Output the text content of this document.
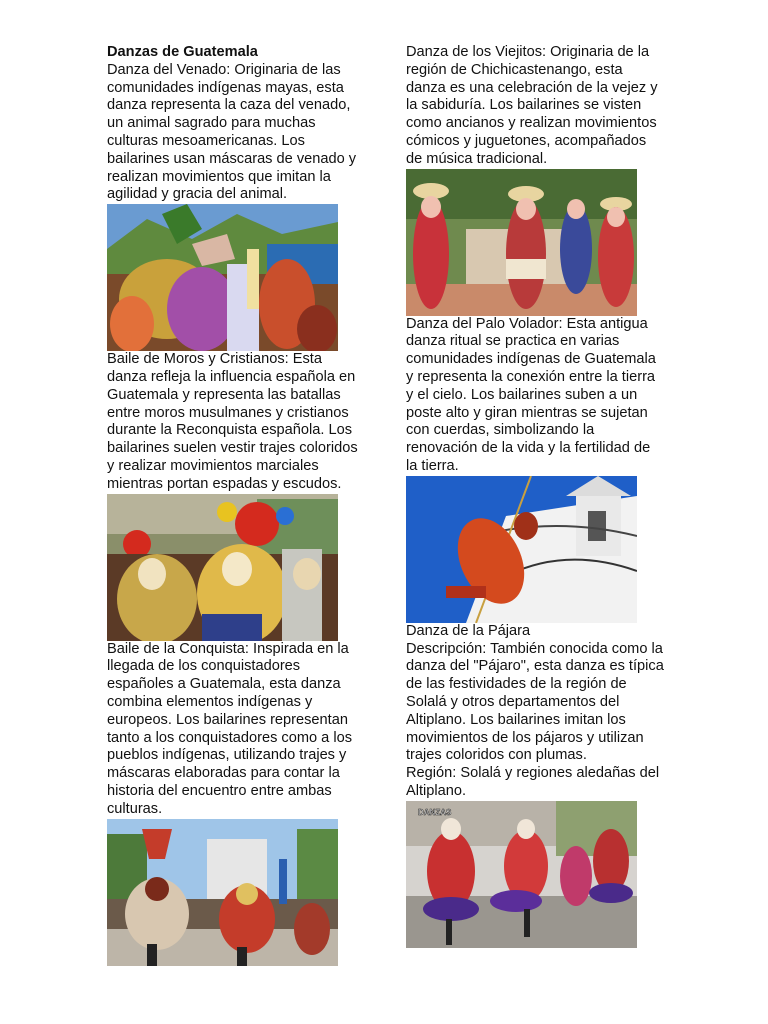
Danzas de Guatemala

Danza del Venado: Originaria de las comunidades indígenas mayas, esta danza representa la caza del venado, un animal sagrado para muchas culturas mesoamericanas. Los bailarines usan máscaras de venado y realizan movimientos que imitan la agilidad y gracia del animal.

Baile de Moros y Cristianos: Esta danza refleja la influencia española en Guatemala y representa las batallas entre moros musulmanes y cristianos durante la Reconquista española. Los bailarines suelen vestir trajes coloridos y realizar movimientos marciales mientras portan espadas y escudos.

Baile de la Conquista: Inspirada en la llegada de los conquistadores españoles a Guatemala, esta danza combina elementos indígenas y europeos. Los bailarines representan tanto a los conquistadores como a los pueblos indígenas, utilizando trajes y máscaras elaboradas para contar la historia del encuentro entre ambas culturas.

Danza de los Viejitos: Originaria de la región de Chichicastenango, esta danza es una celebración de la vejez y la sabiduría. Los bailarines se visten como ancianos y realizan movimientos cómicos y juguetones, acompañados de música tradicional.

Danza del Palo Volador: Esta antigua danza ritual se practica en varias comunidades indígenas de Guatemala y representa la conexión entre la tierra y el cielo. Los bailarines suben a un poste alto y giran mientras se sujetan con cuerdas, simbolizando la renovación de la vida y la fertilidad de la tierra.

Danza de la Pájara

Descripción: También conocida como la danza del "Pájaro", esta danza es típica de las festividades de la región de Solalá y otros departamentos del Altiplano. Los bailarines imitan los movimientos de los pájaros y utilizan trajes coloridos con plumas.

Región: Solalá y regiones aledañas del Altiplano.

DANZAS
